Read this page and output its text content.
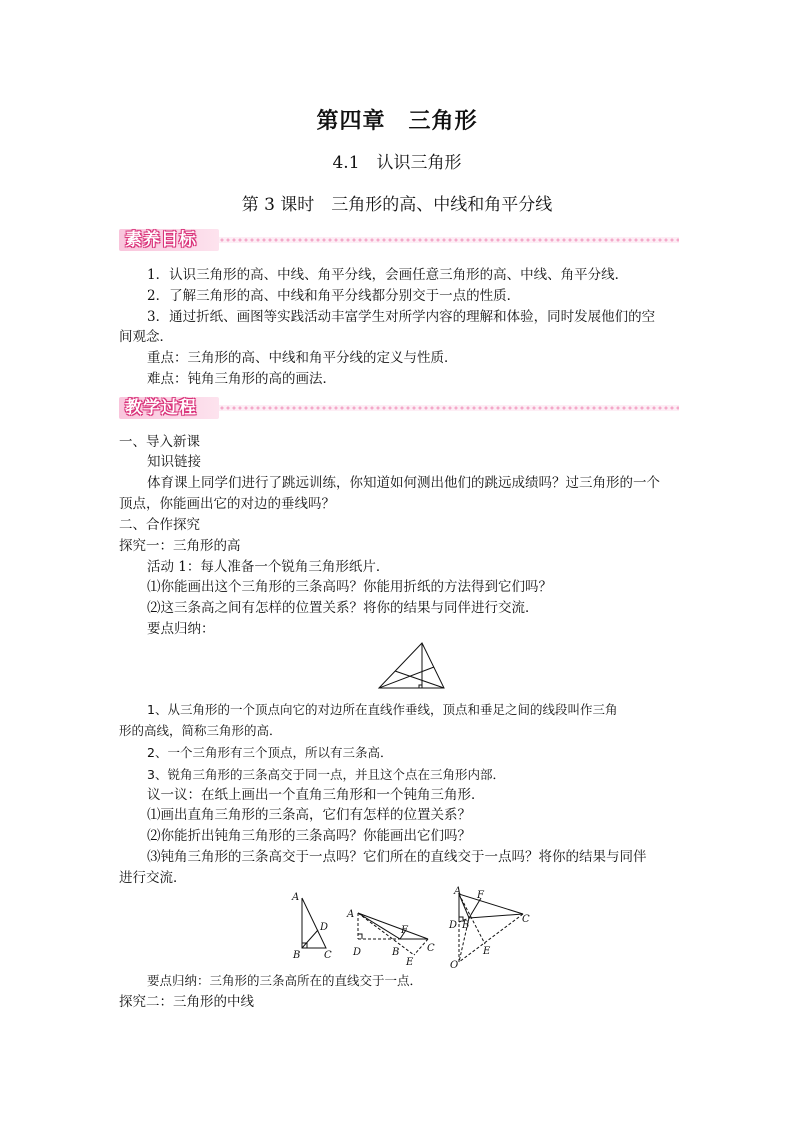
第四章　三角形
4.1　认识三角形
第 3 课时　三角形的高、中线和角平分线
素养目标
1．认识三角形的高、中线、角平分线，会画任意三角形的高、中线、角平分线．
2．了解三角形的高、中线和角平分线都分别交于一点的性质．
3．通过折纸、画图等实践活动丰富学生对所学内容的理解和体验，同时发展他们的空
间观念．
重点：三角形的高、中线和角平分线的定义与性质．
难点：钝角三角形的高的画法．
教学过程
一、导入新课
知识链接
体育课上同学们进行了跳远训练，你知道如何测出他们的跳远成绩吗？过三角形的一个
顶点，你能画出它的对边的垂线吗？
二、合作探究
探究一：三角形的高
活动 1：每人准备一个锐角三角形纸片．
⑴你能画出这个三角形的三条高吗？你能用折纸的方法得到它们吗？
⑵这三条高之间有怎样的位置关系？将你的结果与同伴进行交流．
要点归纳：
1、从三角形的一个顶点向它的对边所在直线作垂线，顶点和垂足之间的线段叫作三角
形的高线，简称三角形的高．
2、一个三角形有三个顶点，所以有三条高．
3、锐角三角形的三条高交于同一点，并且这个点在三角形内部．
议一议：在纸上画出一个直角三角形和一个钝角三角形．
⑴画出直角三角形的三条高，它们有怎样的位置关系？
⑵你能折出钝角三角形的三条高吗？你能画出它们吗？
⑶钝角三角形的三条高交于一点吗？它们所在的直线交于一点吗？将你的结果与同伴
进行交流．
A
D
B C
A
F
D	B	C
E
A F
C
D B
O
E
要点归纳：三角形的三条高所在的直线交于一点．
探究二：三角形的中线
